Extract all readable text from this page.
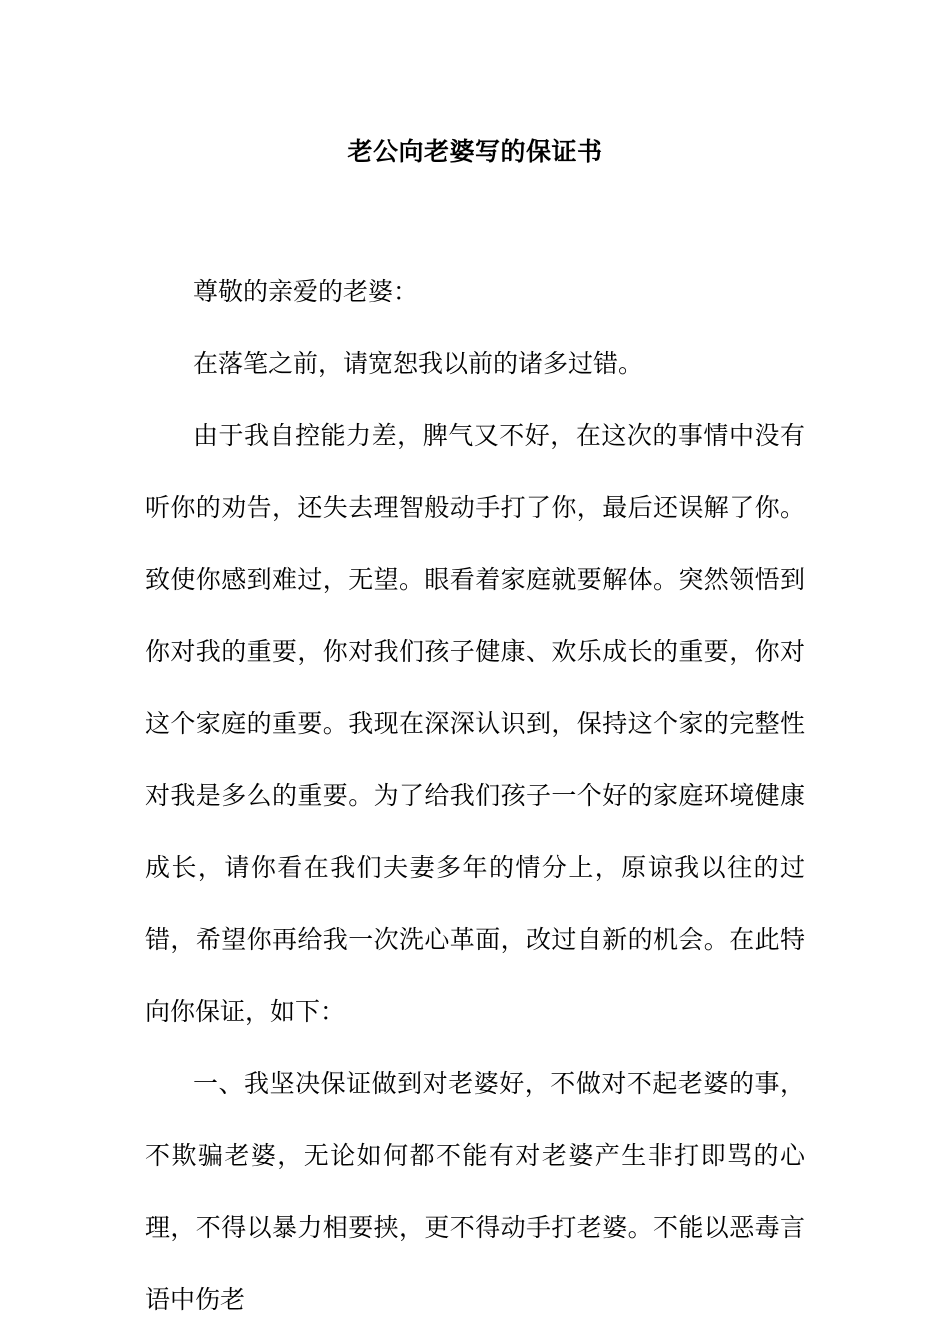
老公向老婆写的保证书

尊敬的亲爱的老婆：

在落笔之前，请宽恕我以前的诸多过错。

由于我自控能力差，脾气又不好，在这次的事情中没有听你的劝告，还失去理智般动手打了你，最后还误解了你。致使你感到难过，无望。眼看着家庭就要解体。突然领悟到你对我的重要，你对我们孩子健康、欢乐成长的重要，你对这个家庭的重要。我现在深深认识到，保持这个家的完整性对我是多么的重要。为了给我们孩子一个好的家庭环境健康成长，请你看在我们夫妻多年的情分上，原谅我以往的过错，希望你再给我一次洗心革面，改过自新的机会。在此特向你保证，如下：

一、我坚决保证做到对老婆好，不做对不起老婆的事，不欺骗老婆，无论如何都不能有对老婆产生非打即骂的心理，不得以暴力相要挟，更不得动手打老婆。不能以恶毒言语中伤老
